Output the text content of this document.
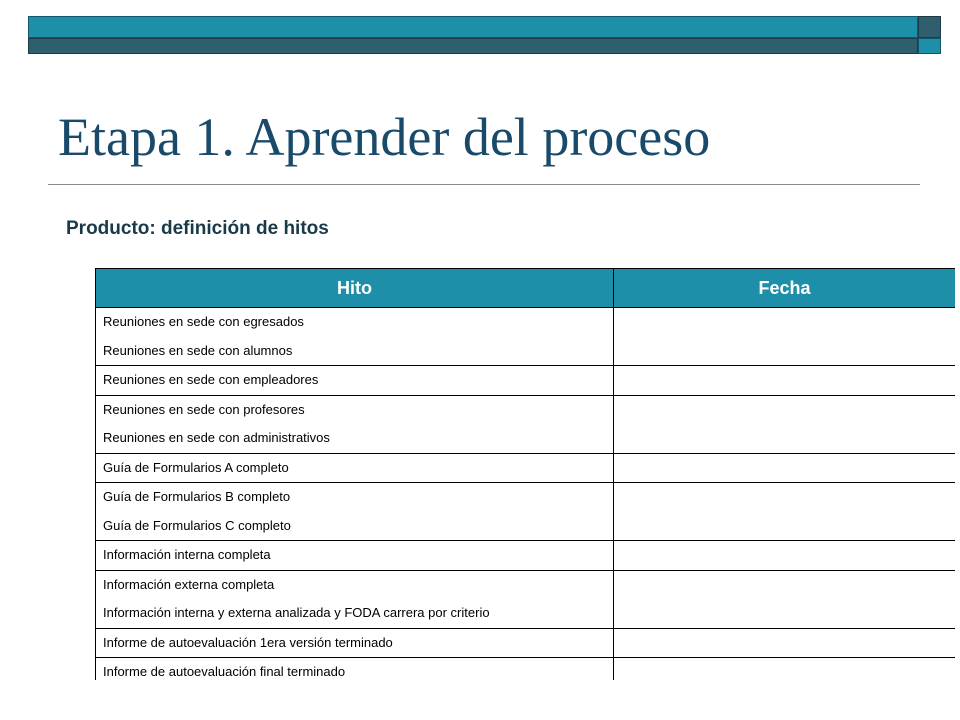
Etapa 1. Aprender del proceso
Producto: definición de hitos
Hito	Fecha

Reuniones en sede con egresados
Reuniones en sede con alumnos	

Reuniones en sede con empleadores	

Reuniones en sede con profesores
Reuniones en sede con administrativos	

Guía de Formularios A completo	

Guía de Formularios B completo
Guía de Formularios C completo	

Información interna completa	

Información externa completa
Información interna y externa analizada y FODA carrera por criterio	

Informe de autoevaluación 1era versión terminado	

Informe de autoevaluación final terminado	
